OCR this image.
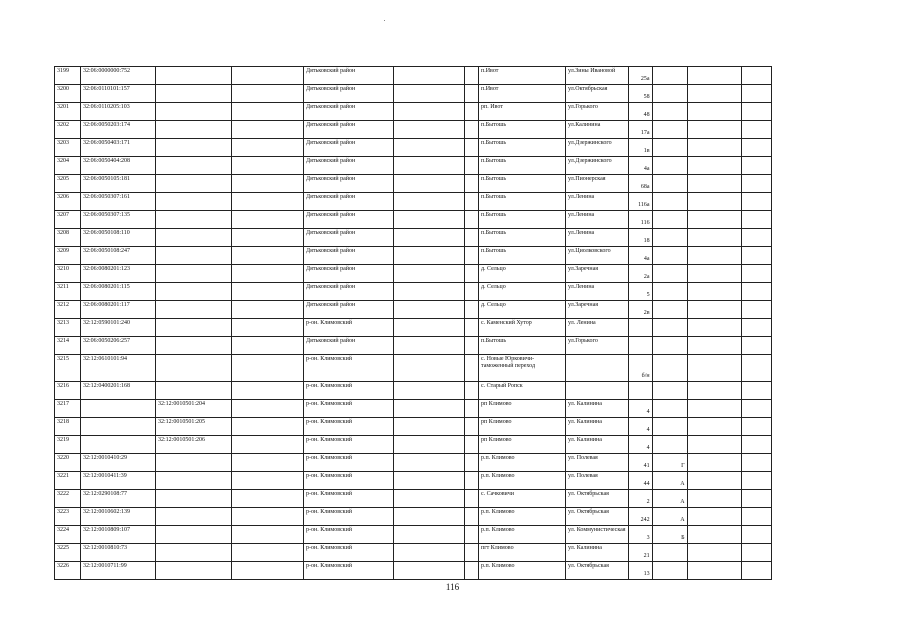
3199	32:06:0000000:752			Дятьковский район			п.Ивот	ул.Зины Ивановой	25а			
3200	32:06:0110101:157			Дятьковский район			п.Ивот	ул.Октябрьская	58			
3201	32:06:0110205:103			Дятьковский район			рп. Ивот	ул.Горького	48			
3202	32:06:0050203:174			Дятьковский район			п.Бытошь	ул.Калинина	17а			
3203	32:06:0050403:171			Дятьковский район			п.Бытошь	ул.Дзержинского	1в			
3204	32:06:0050404:208			Дятьковский район			п.Бытошь	ул.Дзержинского	4а			
3205	32:06:0050105:181			Дятьковский район			п.Бытошь	ул.Пионерская	68а			
3206	32:06:0050307:161			Дятьковский район			п.Бытошь	ул.Ленина	116а			
3207	32:06:0050307:135			Дятьковский район			п.Бытошь	ул.Ленина	116			
3208	32:06:0050108:110			Дятьковский район			п.Бытошь	ул.Ленина	18			
3209	32:06:0050108:247			Дятьковский район			п.Бытошь	ул.Циолковского	4а			
3210	32:06:0080201:123			Дятьковский район			д. Сельцо	ул.Заречная	2а			
3211	32:06:0080201:115			Дятьковский район			д. Сельцо	ул.Ленина	5			
3212	32:06:0080201:117			Дятьковский район			д. Сельцо	ул.Заречная	2в			
3213	32:12:0590101:240			р-он. Климовский			с. Каменский Хутор	ул. Ленина				
3214	32:06:0050206:257			Дятьковский район			п.Бытошь	ул.Горького				
3215	32:12:0610101:94			р-он. Климовский			с. Новые Юрковичи-таможенный переход		б/н			
3216	32:12:0400201:168			р-он. Климовский			с. Старый Ропск					
3217		32:12:0010501:204		р-он. Климовский			рп Климово	ул. Калинина	4			
3218		32:12:0010501:205		р-он. Климовский			рп Климово	ул. Калинина	4			
3219		32:12:0010501:206		р-он. Климовский			рп Климово	ул. Калинина	4			
3220	32:12:0010410:29			р-он. Климовский			р.п. Климово	ул. Полевая	41	Г		
3221	32:12:0010411:39			р-он. Климовский			р.п. Климово	ул. Полевая	44	А		
3222	32:12:0290108:77			р-он. Климовский			с. Сачковичи	ул. Октябрьская	2	А		
3223	32:12:0010602:139			р-он. Климовский			р.п. Климово	ул. Октябрьская	242	А		
3224	32:12:0010809:107			р-он. Климовский			р.п. Климово	ул. Коммунистическая	3	Б		
3225	32:12:0010810:73			р-он. Климовский			пгт Климово	ул. Калинина	21			
3226	32:12:0010711:99			р-он. Климовский			р.п. Климово	ул. Октябрьская	13			
116
